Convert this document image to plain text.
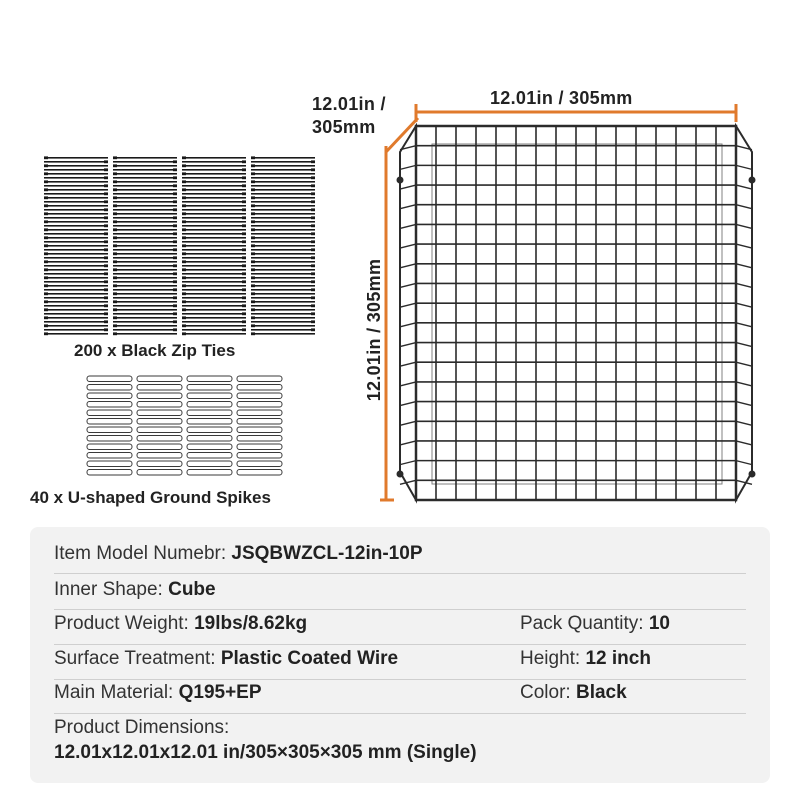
200 x Black Zip Ties
40 x U-shaped Ground Spikes
12.01in / 305mm
12.01in /
305mm
12.01in / 305mm
Item Model Numebr: JSQBWZCL-12in-10P
Inner Shape: Cube
Product Weight: 19lbs/8.62kg	Pack Quantity: 10
Surface Treatment: Plastic Coated Wire	Height: 12 inch
Main Material: Q195+EP	Color: Black
Product Dimensions:
12.01x12.01x12.01 in/305×305×305 mm (Single)
